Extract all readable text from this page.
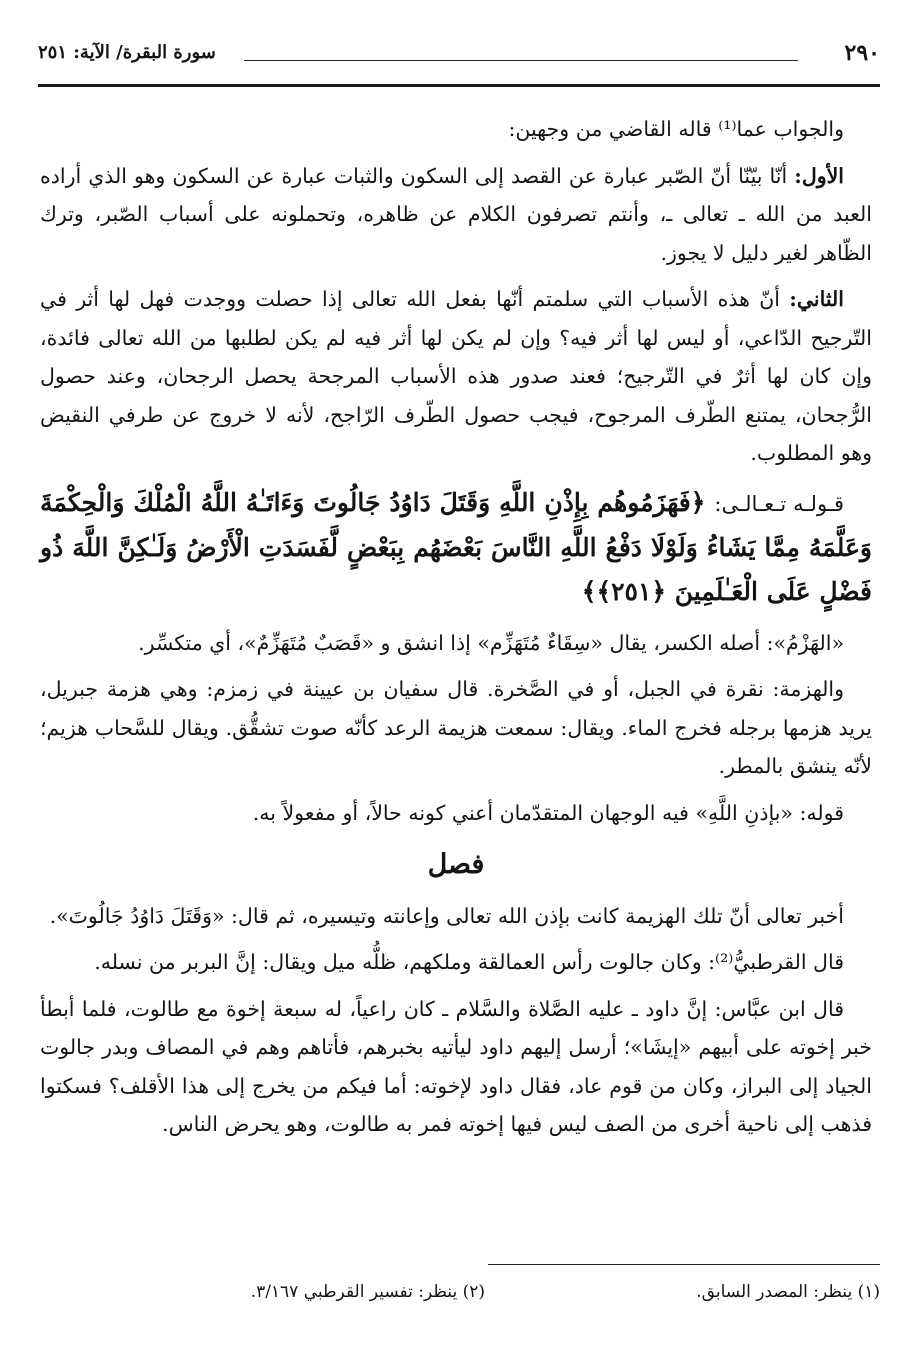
٢٩٠
سورة البقرة/ الآية: ٢٥١

والجواب عما⁽¹⁾ قاله القاضي من وجهين:

الأول: أنّا بيّنّا أنّ الصّبر عبارة عن القصد إلى السكون والثبات عبارة عن السكون وهو الذي أراده العبد من الله ـ تعالى ـ، وأنتم تصرفون الكلام عن ظاهره، وتحملونه على أسباب الصّبر، وترك الظّاهر لغير دليل لا يجوز.

الثاني: أنّ هذه الأسباب التي سلمتم أنّها بفعل الله تعالى إذا حصلت ووجدت فهل لها أثر في التّرجيح الدّاعي، أو ليس لها أثر فيه؟ وإن لم يكن لها أثر فيه لم يكن لطلبها من الله تعالى فائدة، وإن كان لها أثرٌ في التّرجيح؛ فعند صدور هذه الأسباب المرجحة يحصل الرجحان، وعند حصول الرُّجحان، يمتنع الطّرف المرجوح، فيجب حصول الطّرف الرّاجح، لأنه لا خروج عن طرفي النقيض وهو المطلوب.

قـولـه تـعـالـى: ﴿فَهَزَمُوهُم بِإِذْنِ اللَّهِ وَقَتَلَ دَاوُدُ جَالُوتَ وَءَاتَـٰهُ اللَّهُ الْمُلْكَ وَالْحِكْمَةَ وَعَلَّمَهُ مِمَّا يَشَاءُ وَلَوْلَا دَفْعُ اللَّهِ النَّاسَ بَعْضَهُم بِبَعْضٍ لَّفَسَدَتِ الْأَرْضُ وَلَـٰكِنَّ اللَّهَ ذُو فَضْلٍ عَلَى الْعَـٰلَمِينَ ﴿٢٥١﴾﴾

«الهَزْمُ»: أصله الكسر، يقال «سِقَاءٌ مُتَهَزِّم» إذا انشق و «قَصَبٌ مُتَهَزِّمٌ»، أي متكسِّر.

والهزمة: نقرة في الجبل، أو في الصَّخرة. قال سفيان بن عيينة في زمزم: وهي هزمة جبريل، يريد هزمها برجله فخرج الماء. ويقال: سمعت هزيمة الرعد كأنّه صوت تشقُّق. ويقال للسَّحاب هزيم؛ لأنّه ينشق بالمطر.

قوله: «بإذنِ اللَّهِ» فيه الوجهان المتقدّمان أعني كونه حالاً، أو مفعولاً به.

فصل

أخبر تعالى أنّ تلك الهزيمة كانت بإذن الله تعالى وإعانته وتيسيره، ثم قال: «وَقَتَلَ دَاوُدُ جَالُوتَ».

قال القرطبيُّ⁽²⁾: وكان جالوت رأس العمالقة وملكهم، ظلُّه ميل ويقال: إنَّ البربر من نسله.

قال ابن عبَّاس: إنَّ داود ـ عليه الصَّلاة والسَّلام ـ كان راعياً، له سبعة إخوة مع طالوت، فلما أبطأ خبر إخوته على أبيهم «إيشَا»؛ أرسل إليهم داود ليأتيه بخبرهم، فأتاهم وهم في المصاف وبدر جالوت الجياد إلى البراز، وكان من قوم عاد، فقال داود لإخوته: أما فيكم من يخرج إلى هذا الأقلف؟ فسكتوا فذهب إلى ناحية أخرى من الصف ليس فيها إخوته فمر به طالوت، وهو يحرض الناس.

(١) ينظر: المصدر السابق.
(٢) ينظر: تفسير القرطبي ٣/١٦٧.
